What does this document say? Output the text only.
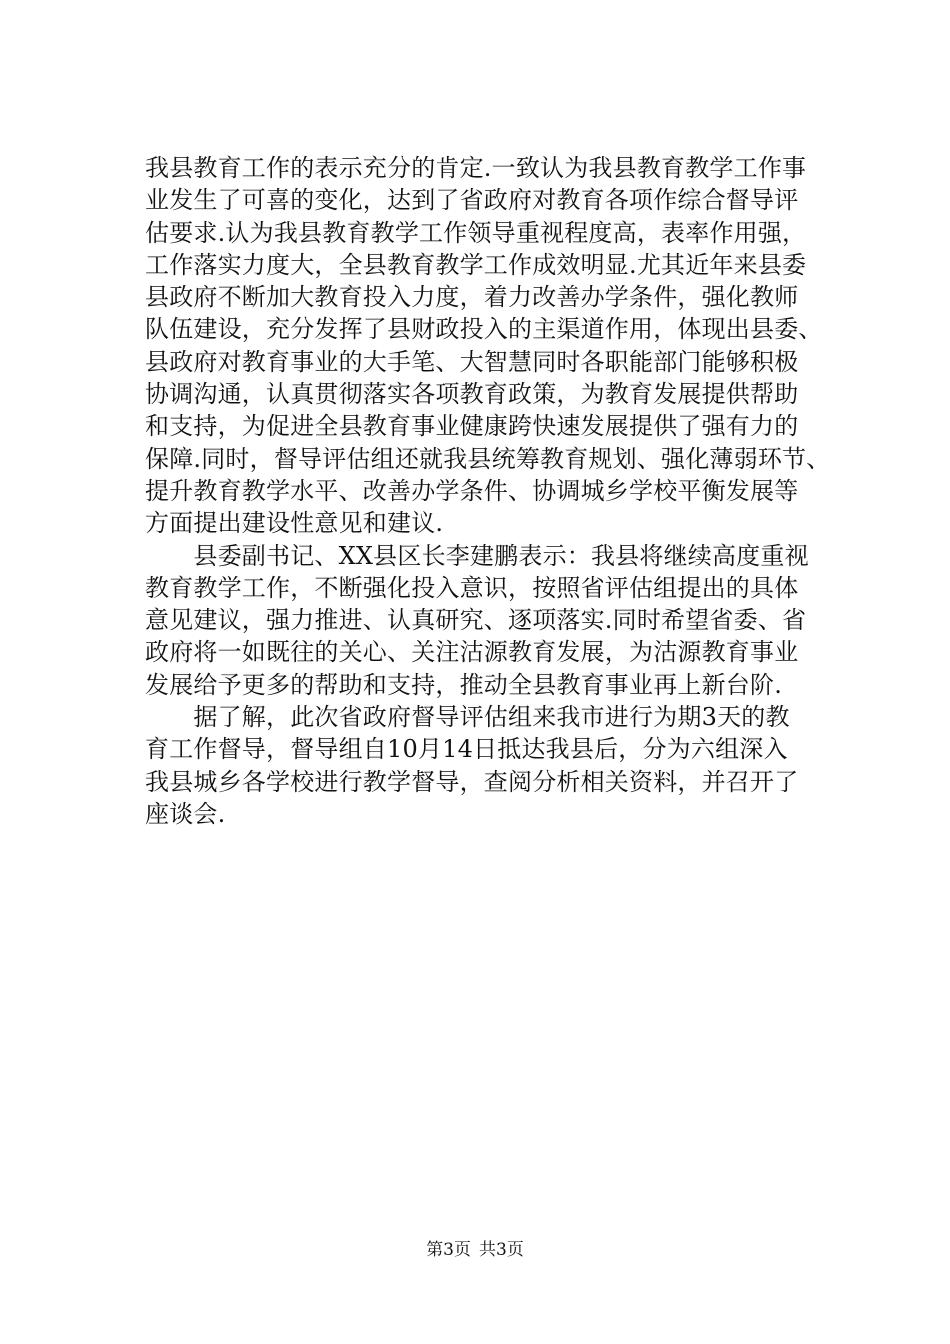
我县教育工作的表示充分的肯定.一致认为我县教育教学工作事
业发生了可喜的变化，达到了省政府对教育各项作综合督导评
估要求.认为我县教育教学工作领导重视程度高，表率作用强，
工作落实力度大，全县教育教学工作成效明显.尤其近年来县委
县政府不断加大教育投入力度，着力改善办学条件，强化教师
队伍建设，充分发挥了县财政投入的主渠道作用，体现出县委、
县政府对教育事业的大手笔、大智慧同时各职能部门能够积极
协调沟通，认真贯彻落实各项教育政策，为教育发展提供帮助
和支持，为促进全县教育事业健康跨快速发展提供了强有力的
保障.同时，督导评估组还就我县统筹教育规划、强化薄弱环节、
提升教育教学水平、改善办学条件、协调城乡学校平衡发展等
方面提出建设性意见和建议.
　　县委副书记、XX县区长李建鹏表示：我县将继续高度重视
教育教学工作，不断强化投入意识，按照省评估组提出的具体
意见建议，强力推进、认真研究、逐项落实.同时希望省委、省
政府将一如既往的关心、关注沽源教育发展，为沽源教育事业
发展给予更多的帮助和支持，推动全县教育事业再上新台阶.
　　据了解，此次省政府督导评估组来我市进行为期3天的教
育工作督导，督导组自10月14日抵达我县后，分为六组深入
我县城乡各学校进行教学督导，查阅分析相关资料，并召开了
座谈会.
第3页 共3页
